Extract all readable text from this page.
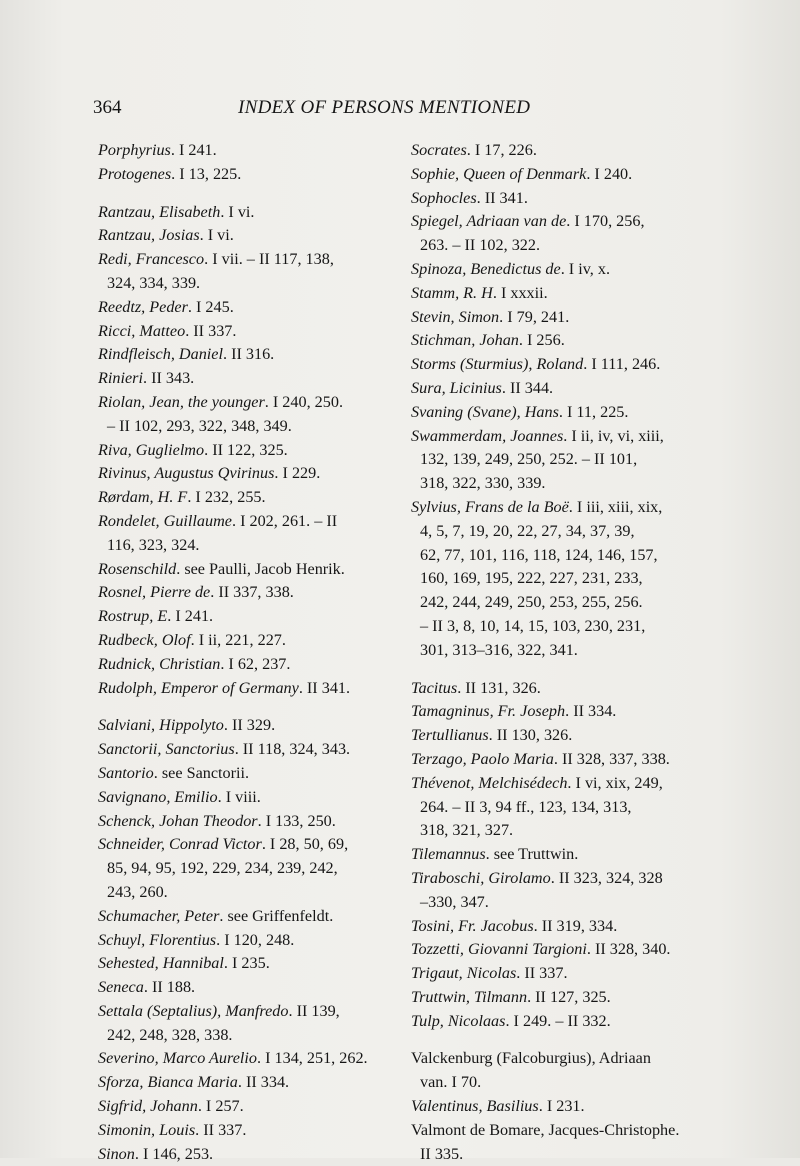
364	INDEX OF PERSONS MENTIONED
Porphyrius. I 241.
Protogenes. I 13, 225.
Rantzau, Elisabeth. I vi.
Rantzau, Josias. I vi.
Redi, Francesco. I vii. – II 117, 138,
324, 334, 339.
Reedtz, Peder. I 245.
Ricci, Matteo. II 337.
Rindfleisch, Daniel. II 316.
Rinieri. II 343.
Riolan, Jean, the younger. I 240, 250.
– II 102, 293, 322, 348, 349.
Riva, Guglielmo. II 122, 325.
Rivinus, Augustus Qvirinus. I 229.
Rørdam, H. F. I 232, 255.
Rondelet, Guillaume. I 202, 261. – II
116, 323, 324.
Rosenschild. see Paulli, Jacob Henrik.
Rosnel, Pierre de. II 337, 338.
Rostrup, E. I 241.
Rudbeck, Olof. I ii, 221, 227.
Rudnick, Christian. I 62, 237.
Rudolph, Emperor of Germany. II 341.
Salviani, Hippolyto. II 329.
Sanctorii, Sanctorius. II 118, 324, 343.
Santorio. see Sanctorii.
Savignano, Emilio. I viii.
Schenck, Johan Theodor. I 133, 250.
Schneider, Conrad Victor. I 28, 50, 69,
85, 94, 95, 192, 229, 234, 239, 242,
243, 260.
Schumacher, Peter. see Griffenfeldt.
Schuyl, Florentius. I 120, 248.
Sehested, Hannibal. I 235.
Seneca. II 188.
Settala (Septalius), Manfredo. II 139,
242, 248, 328, 338.
Severino, Marco Aurelio. I 134, 251, 262.
Sforza, Bianca Maria. II 334.
Sigfrid, Johann. I 257.
Simonin, Louis. II 337.
Sinon. I 146, 253.
Socrates. I 17, 226.
Sophie, Queen of Denmark. I 240.
Sophocles. II 341.
Spiegel, Adriaan van de. I 170, 256,
263. – II 102, 322.
Spinoza, Benedictus de. I iv, x.
Stamm, R. H. I xxxii.
Stevin, Simon. I 79, 241.
Stichman, Johan. I 256.
Storms (Sturmius), Roland. I 111, 246.
Sura, Licinius. II 344.
Svaning (Svane), Hans. I 11, 225.
Swammerdam, Joannes. I ii, iv, vi, xiii,
132, 139, 249, 250, 252. – II 101,
318, 322, 330, 339.
Sylvius, Frans de la Boë. I iii, xiii, xix,
4, 5, 7, 19, 20, 22, 27, 34, 37, 39,
62, 77, 101, 116, 118, 124, 146, 157,
160, 169, 195, 222, 227, 231, 233,
242, 244, 249, 250, 253, 255, 256.
– II 3, 8, 10, 14, 15, 103, 230, 231,
301, 313–316, 322, 341.
Tacitus. II 131, 326.
Tamagninus, Fr. Joseph. II 334.
Tertullianus. II 130, 326.
Terzago, Paolo Maria. II 328, 337, 338.
Thévenot, Melchisédech. I vi, xix, 249,
264. – II 3, 94 ff., 123, 134, 313,
318, 321, 327.
Tilemannus. see Truttwin.
Tiraboschi, Girolamo. II 323, 324, 328
–330, 347.
Tosini, Fr. Jacobus. II 319, 334.
Tozzetti, Giovanni Targioni. II 328, 340.
Trigaut, Nicolas. II 337.
Truttwin, Tilmann. II 127, 325.
Tulp, Nicolaas. I 249. – II 332.
Valckenburg (Falcoburgius), Adriaan
van. I 70.
Valentinus, Basilius. I 231.
Valmont de Bomare, Jacques-Christophe.
II 335.
